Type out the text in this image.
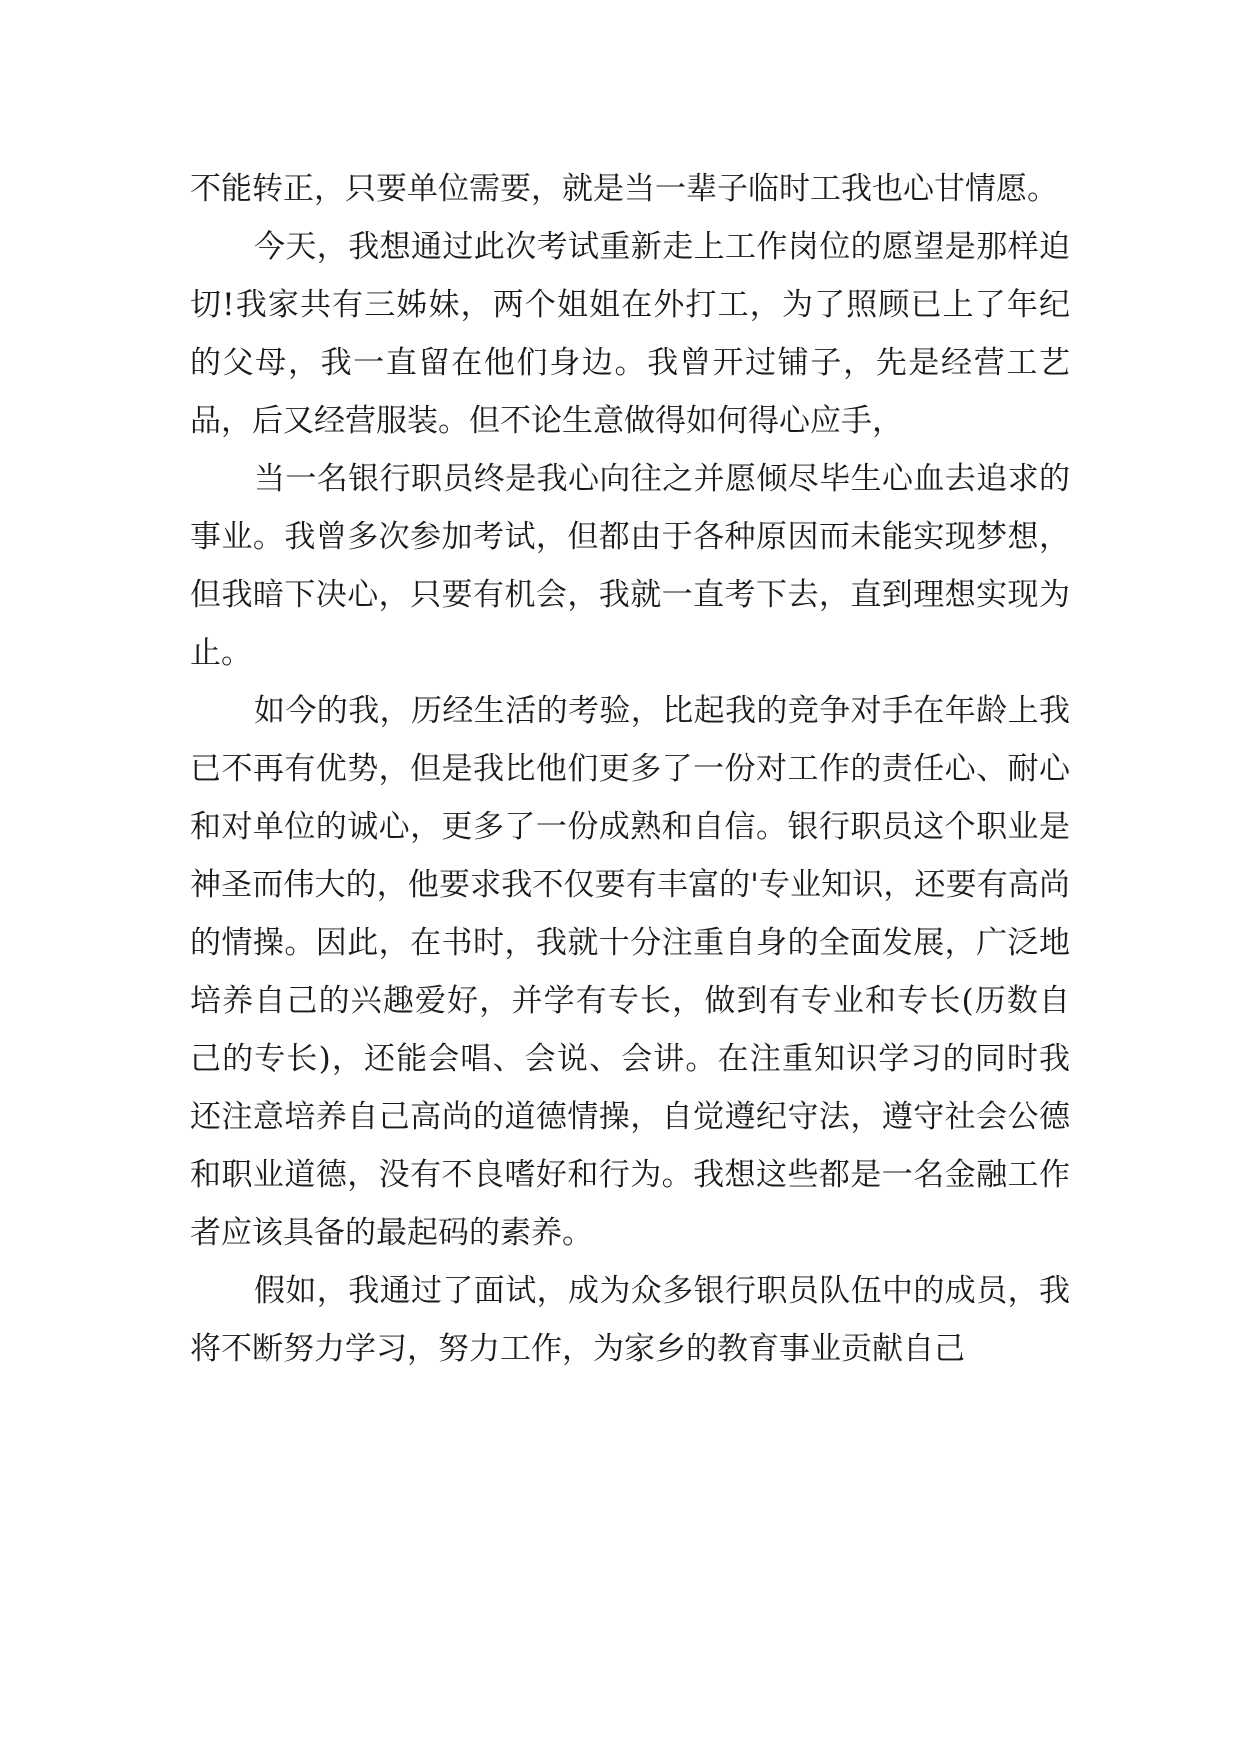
不能转正，只要单位需要，就是当一辈子临时工我也心甘情愿。

今天，我想通过此次考试重新走上工作岗位的愿望是那样迫切!我家共有三姊妹，两个姐姐在外打工，为了照顾已上了年纪的父母，我一直留在他们身边。我曾开过铺子，先是经营工艺品，后又经营服装。但不论生意做得如何得心应手，

当一名银行职员终是我心向往之并愿倾尽毕生心血去追求的事业。我曾多次参加考试，但都由于各种原因而未能实现梦想，但我暗下决心，只要有机会，我就一直考下去，直到理想实现为止。

如今的我，历经生活的考验，比起我的竞争对手在年龄上我已不再有优势，但是我比他们更多了一份对工作的责任心、耐心和对单位的诚心，更多了一份成熟和自信。银行职员这个职业是神圣而伟大的，他要求我不仅要有丰富的'专业知识，还要有高尚的情操。因此，在书时，我就十分注重自身的全面发展，广泛地培养自己的兴趣爱好，并学有专长，做到有专业和专长(历数自己的专长)，还能会唱、会说、会讲。在注重知识学习的同时我还注意培养自己高尚的道德情操，自觉遵纪守法，遵守社会公德和职业道德，没有不良嗜好和行为。我想这些都是一名金融工作者应该具备的最起码的素养。

假如，我通过了面试，成为众多银行职员队伍中的成员，我将不断努力学习，努力工作，为家乡的教育事业贡献自己
